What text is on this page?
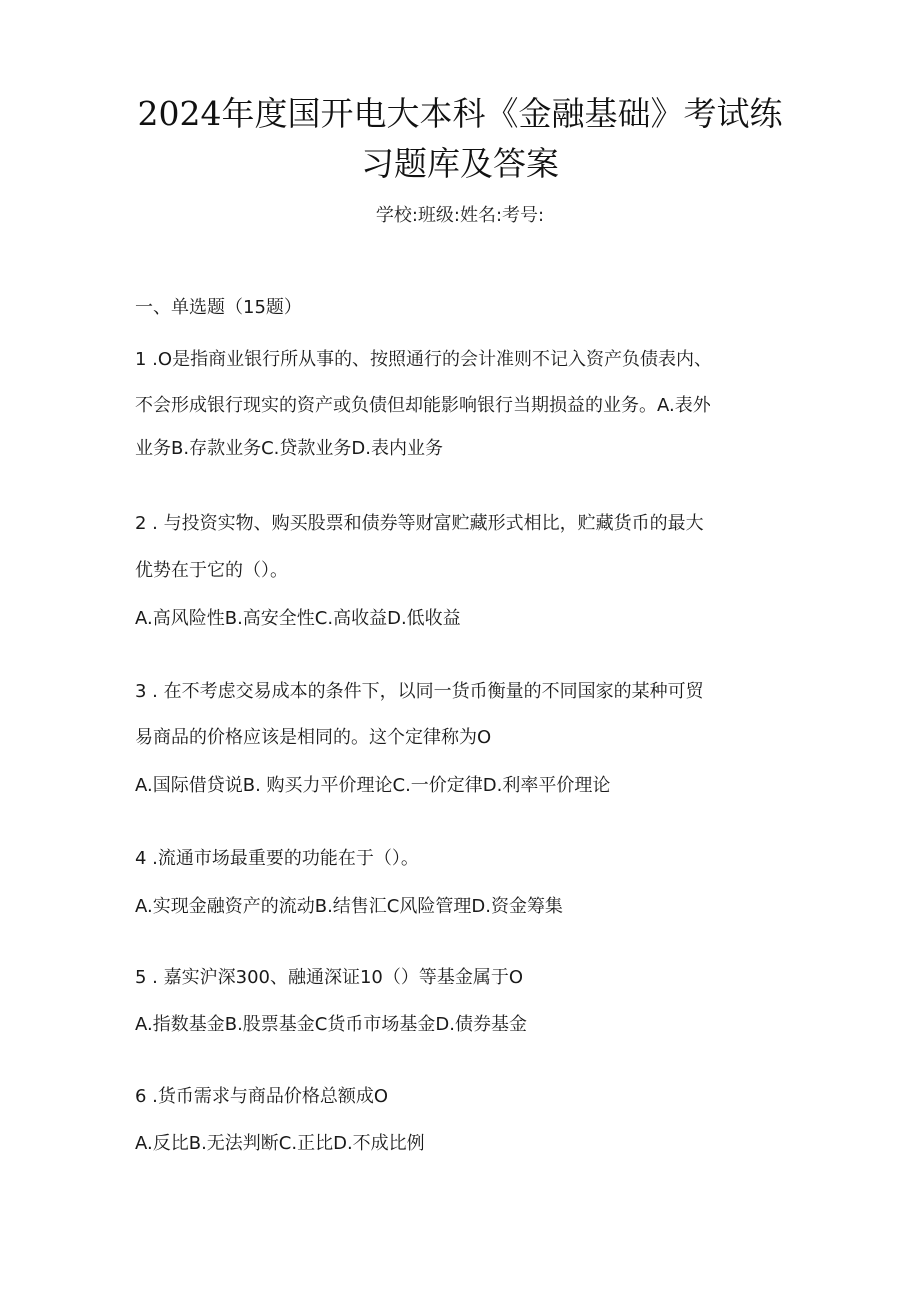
2024年度国开电大本科《金融基础》考试练
习题库及答案
学校:班级:姓名:考号:
一、单选题（15题）
1 .O是指商业银行所从事的、按照通行的会计准则不记入资产负债表内、
不会形成银行现实的资产或负债但却能影响银行当期损益的业务。A.表外
业务B.存款业务C.贷款业务D.表内业务
2 . 与投资实物、购买股票和债券等财富贮藏形式相比，贮藏货币的最大
优势在于它的（）。
A.高风险性B.高安全性C.高收益D.低收益
3 . 在不考虑交易成本的条件下，以同一货币衡量的不同国家的某种可贸
易商品的价格应该是相同的。这个定律称为O
A.国际借贷说B. 购买力平价理论C.一价定律D.利率平价理论
4 .流通市场最重要的功能在于（）。
A.实现金融资产的流动B.结售汇C风险管理D.资金筹集
5 . 嘉实沪深300、融通深证10（）等基金属于O
A.指数基金B.股票基金C货币市场基金D.债券基金
6 .货币需求与商品价格总额成O
A.反比B.无法判断C.正比D.不成比例
